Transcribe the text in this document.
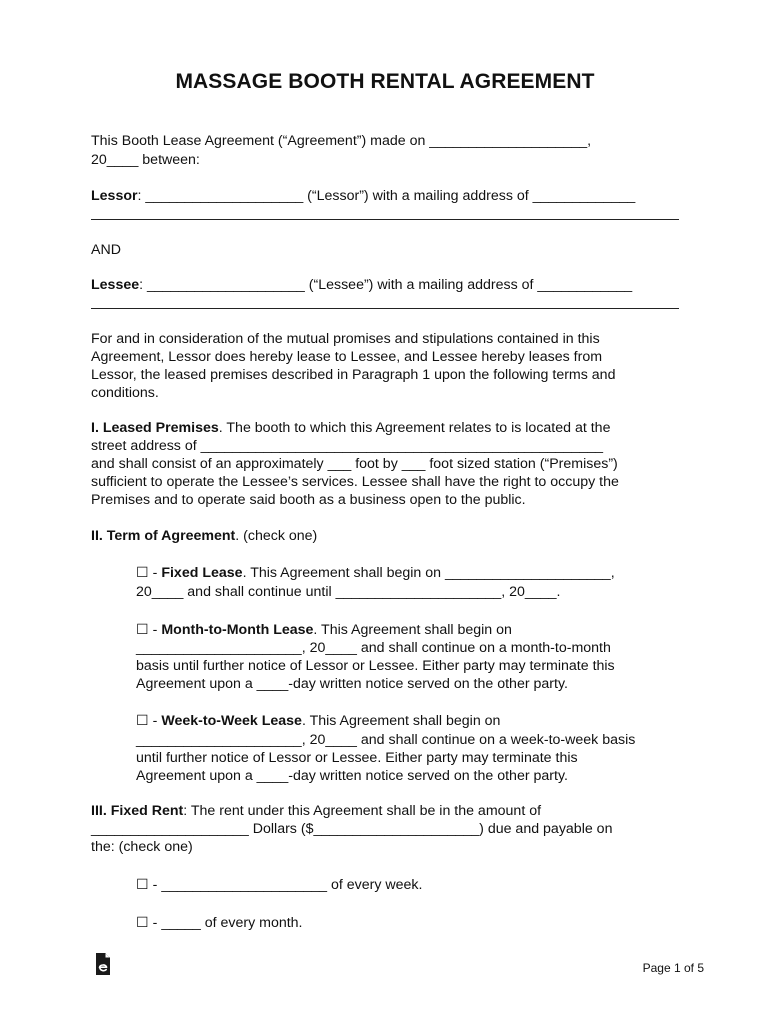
MASSAGE BOOTH RENTAL AGREEMENT
This Booth Lease Agreement (“Agreement”) made on ____________________,
20____ between:
Lessor: ____________________ (“Lessor”) with a mailing address of _____________
AND
Lessee: ____________________ (“Lessee”) with a mailing address of ____________
For and in consideration of the mutual promises and stipulations contained in this
Agreement, Lessor does hereby lease to Lessee, and Lessee hereby leases from
Lessor, the leased premises described in Paragraph 1 upon the following terms and
conditions.
I. Leased Premises. The booth to which this Agreement relates to is located at the
street address of ___________________________________________________
and shall consist of an approximately ___ foot by ___ foot sized station (“Premises”)
sufficient to operate the Lessee’s services. Lessee shall have the right to occupy the
Premises and to operate said booth as a business open to the public.
II. Term of Agreement. (check one)
☐ - Fixed Lease. This Agreement shall begin on _____________________,
20____ and shall continue until _____________________, 20____.
☐ - Month-to-Month Lease. This Agreement shall begin on
_____________________, 20____ and shall continue on a month-to-month
basis until further notice of Lessor or Lessee. Either party may terminate this
Agreement upon a ____-day written notice served on the other party.
☐ - Week-to-Week Lease. This Agreement shall begin on
_____________________, 20____ and shall continue on a week-to-week basis
until further notice of Lessor or Lessee. Either party may terminate this
Agreement upon a ____-day written notice served on the other party.
III. Fixed Rent: The rent under this Agreement shall be in the amount of
____________________ Dollars ($_____________________) due and payable on
the: (check one)
☐ - _____________________ of every week.
☐ - _____ of every month.
Page 1 of 5
